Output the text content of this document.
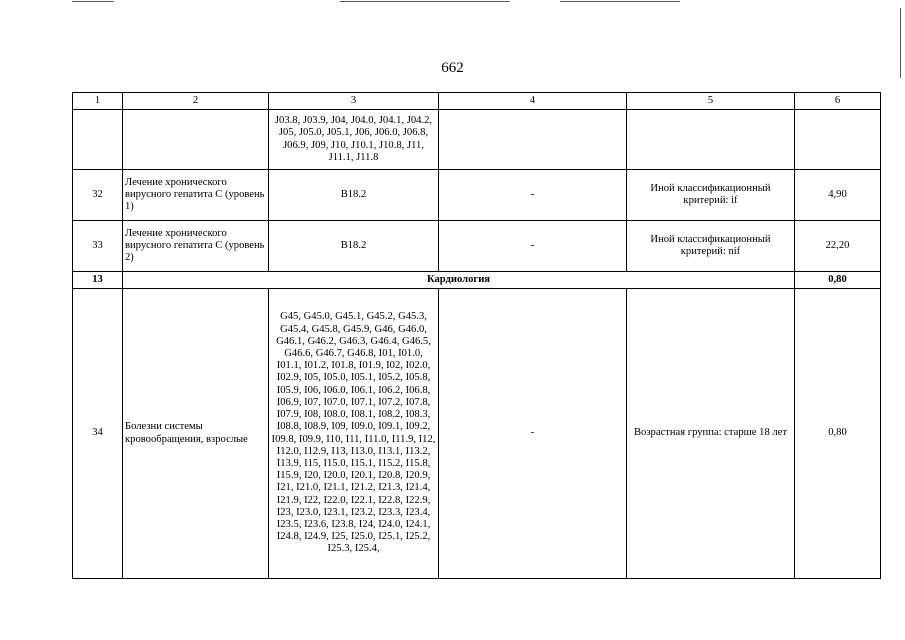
662
1	2	3	4	5	6
		J03.8, J03.9, J04, J04.0, J04.1, J04.2, J05, J05.0, J05.1, J06, J06.0, J06.8, J06.9, J09, J10, J10.1, J10.8, J11, J11.1, J11.8			
32	Лечение хронического вирусного гепатита С (уровень 1)	B18.2	-	Иной классификационный критерий: if	4,90
33	Лечение хронического вирусного гепатита С (уровень 2)	B18.2	-	Иной классификационный критерий: nif	22,20
13	Кардиология				0,80
34	Болезни системы кровообращения, взрослые	G45, G45.0, G45.1, G45.2, G45.3, G45.4, G45.8, G45.9, G46, G46.0, G46.1, G46.2, G46.3, G46.4, G46.5, G46.6, G46.7, G46.8, I01, I01.0, I01.1, I01.2, I01.8, I01.9, I02, I02.0, I02.9, I05, I05.0, I05.1, I05.2, I05.8, I05.9, I06, I06.0, I06.1, I06.2, I06.8, I06.9, I07, I07.0, I07.1, I07.2, I07.8, I07.9, I08, I08.0, I08.1, I08.2, I08.3, I08.8, I08.9, I09, I09.0, I09.1, I09.2, I09.8, I09.9, I10, I11, I11.0, I11.9, I12, I12.0, I12.9, I13, I13.0, I13.1, I13.2, I13.9, I15, I15.0, I15.1, I15.2, I15.8, I15.9, I20, I20.0, I20.1, I20.8, I20.9, I21, I21.0, I21.1, I21.2, I21.3, I21.4, I21.9, I22, I22.0, I22.1, I22.8, I22.9, I23, I23.0, I23.1, I23.2, I23.3, I23.4, I23.5, I23.6, I23.8, I24, I24.0, I24.1, I24.8, I24.9, I25, I25.0, I25.1, I25.2, I25.3, I25.4,	-	Возрастная группа: старше 18 лет	0,80
